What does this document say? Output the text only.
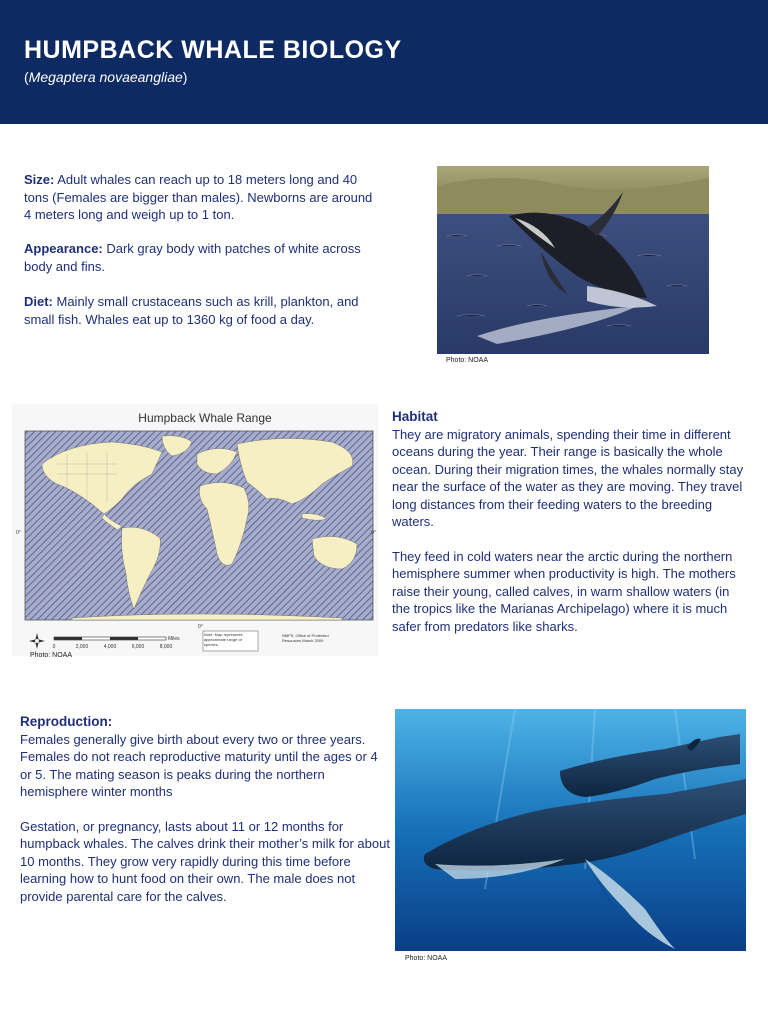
HUMPBACK WHALE BIOLOGY
(Megaptera novaeangliae)
Size: Adult whales can reach up to 18 meters long and 40 tons (Females are bigger than males). Newborns are around 4 meters long and weigh up to 1 ton.
Appearance: Dark gray body with patches of white across body and fins.
Diet: Mainly small crustaceans such as krill, plankton, and small fish. Whales eat up to 1360 kg of food a day.
Photo: NOAA
Humpback Whale Range
0°	0°
0°
Miles
0	2,000	4,000	6,000	8,000
Note: Map represents approximate range of species.
NMFS, Office of Protected Resources March 2009
Photo: NOAA
Habitat
They are migratory animals, spending their time in different oceans during the year. Their range is basically the whole ocean. During their migration times, the whales normally stay near the surface of the water as they are moving. They travel long distances from their feeding waters to the breeding waters.
They feed in cold waters near the arctic during the northern hemisphere summer when productivity is high. The mothers raise their young, called calves, in warm shallow waters (in the tropics like the Marianas Archipelago) where it is much safer from predators like sharks.
Reproduction:
Females generally give birth about every two or three years. Females do not reach reproductive maturity until the ages or 4 or 5. The mating season is peaks during the northern hemisphere winter months
Gestation, or pregnancy, lasts about 11 or 12 months for humpback whales. The calves drink their mother’s milk for about 10 months. They grow very rapidly during this time before learning how to hunt food on their own. The male does not provide parental care for the calves.
Photo: NOAA
